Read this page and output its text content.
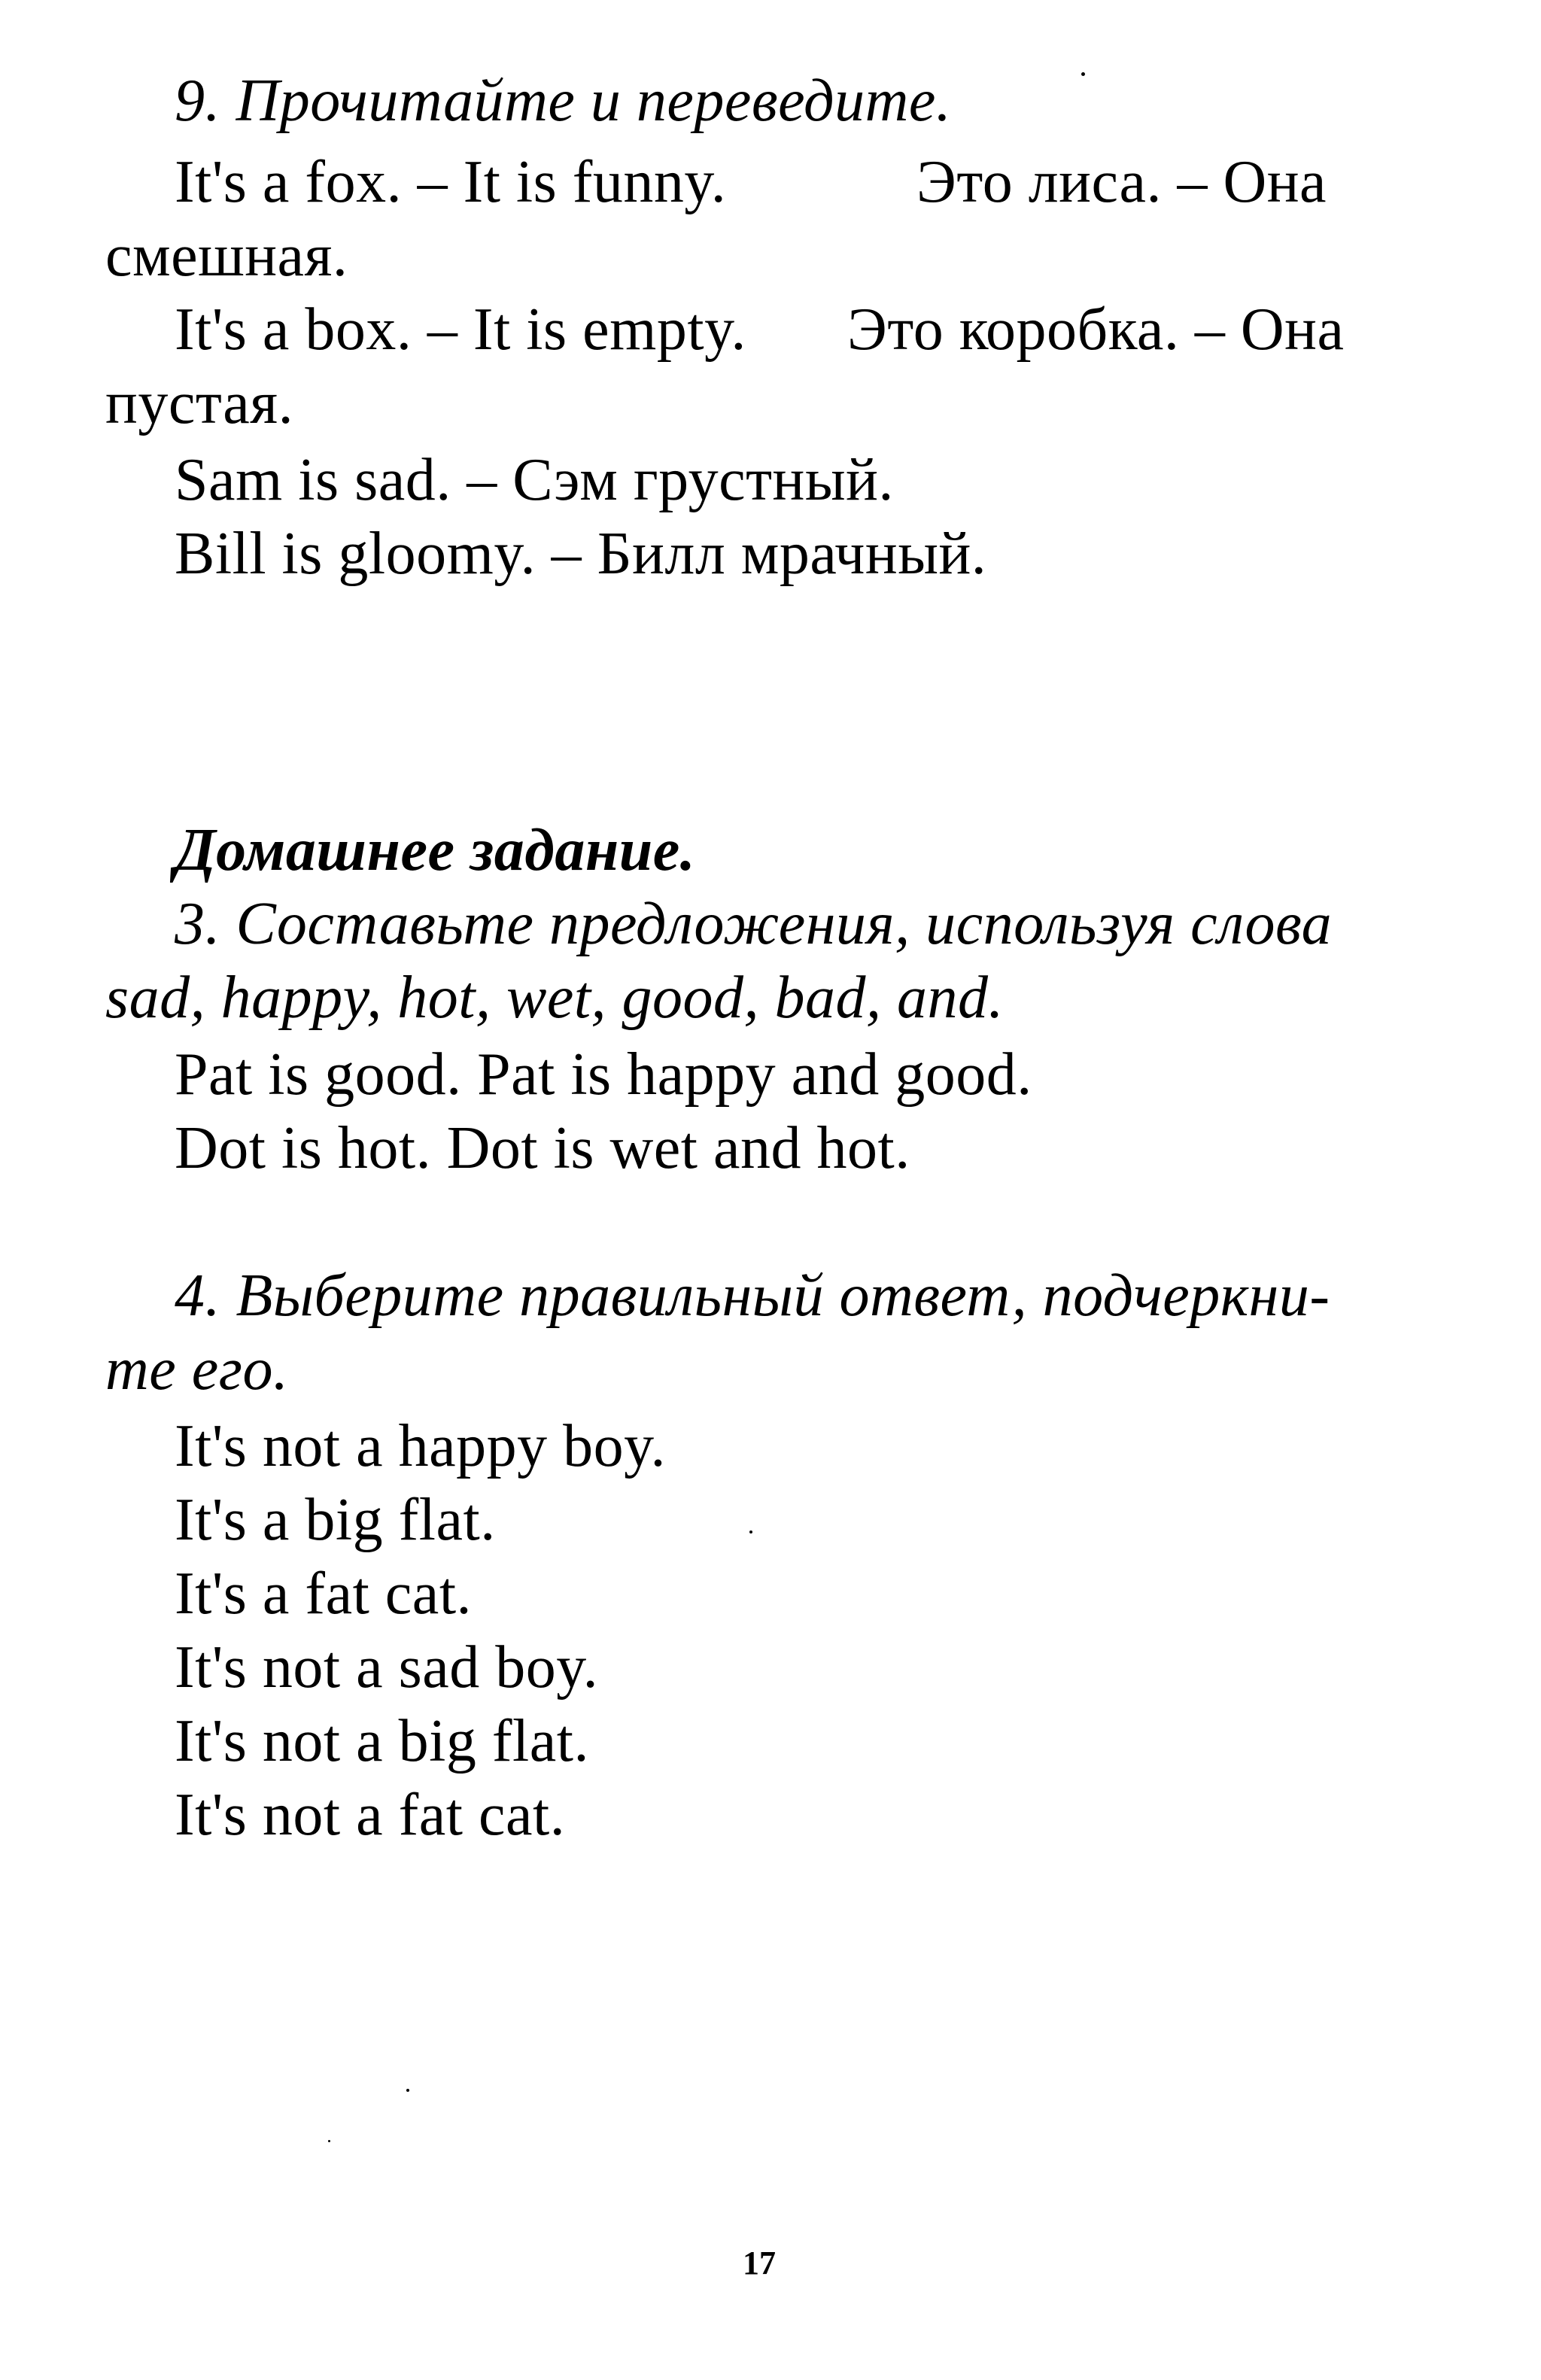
9. Прочитайте и переведите.
It's a fox. – It is funny.	Это лиса. – Она
смешная.
It's a box. – It is empty. Это коробка. – Она
пустая.
Sam is sad. – Сэм грустный.
Bill is gloomy. – Билл мрачный.
Домашнее задание.
3. Составьте предложения, используя слова
sad, happy, hot, wet, good, bad, and.
Pat is good. Pat is happy and good.
Dot is hot. Dot is wet and hot.
4. Выберите правильный ответ, подчеркни-
те его.
It's not a happy boy.
It's a big flat.
It's a fat cat.
It's not a sad boy.
It's not a big flat.
It's not a fat cat.
17
